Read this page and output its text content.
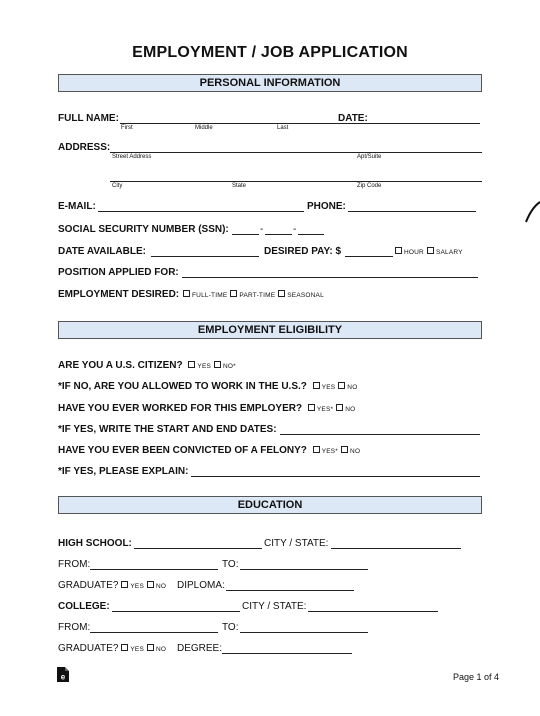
EMPLOYMENT / JOB APPLICATION
PERSONAL INFORMATION
FULL NAME:	DATE:
First	Middle	Last
ADDRESS:
Street Address	Apt/Suite
City	State	Zip Code
E-MAIL:	PHONE:
SOCIAL SECURITY NUMBER (SSN):	-	-
DATE AVAILABLE:	DESIRED PAY: $	HOUR SALARY
POSITION APPLIED FOR:
EMPLOYMENT DESIRED:	FULL-TIME PART-TIME SEASONAL
EMPLOYMENT ELIGIBILITY
ARE YOU A U.S. CITIZEN? YES NO*
*IF NO, ARE YOU ALLOWED TO WORK IN THE U.S.? YES NO
HAVE YOU EVER WORKED FOR THIS EMPLOYER? YES* NO
*IF YES, WRITE THE START AND END DATES:
HAVE YOU EVER BEEN CONVICTED OF A FELONY? YES* NO
*IF YES, PLEASE EXPLAIN:
EDUCATION
HIGH SCHOOL:	CITY / STATE:
FROM:	TO:
GRADUATE? YES NO DIPLOMA:
COLLEGE:	CITY / STATE:
FROM:	TO:
GRADUATE? YES NO DEGREE:
e	Page 1 of 4
